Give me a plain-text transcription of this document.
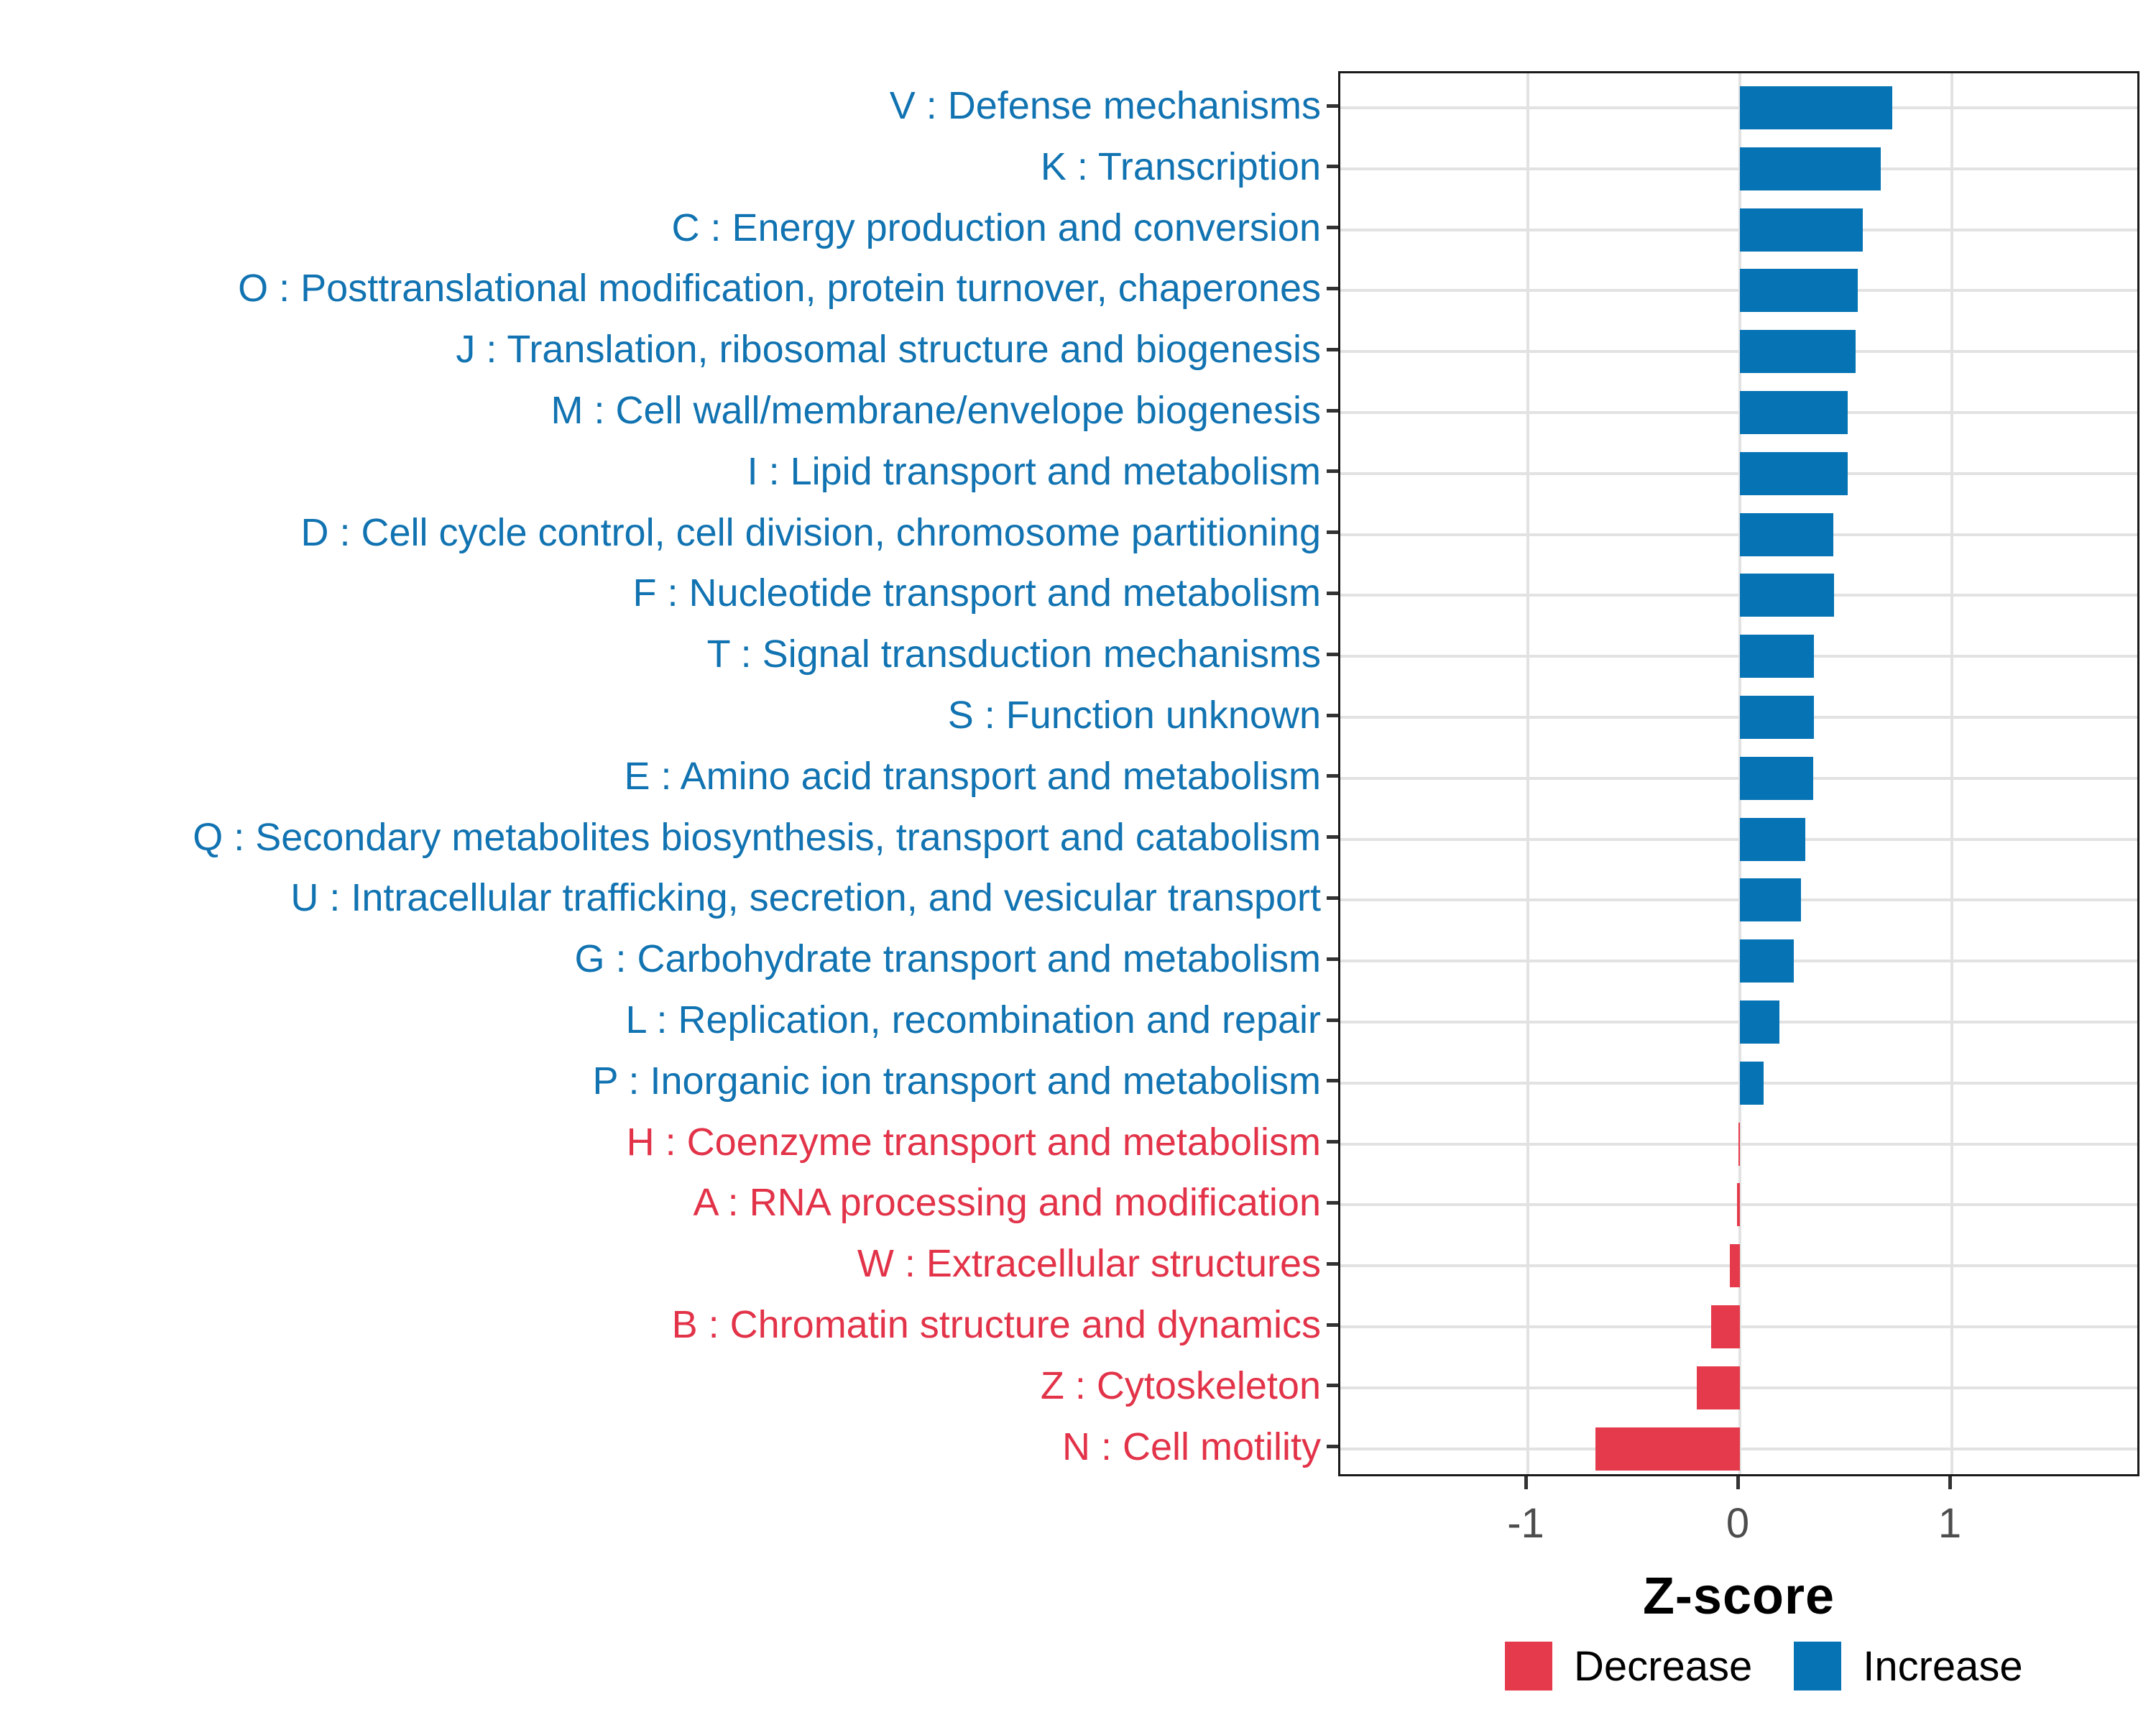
V : Defense mechanisms
K : Transcription
C : Energy production and conversion
O : Posttranslational modification, protein turnover, chaperones
J : Translation, ribosomal structure and biogenesis
M : Cell wall/membrane/envelope biogenesis
I : Lipid transport and metabolism
D : Cell cycle control, cell division, chromosome partitioning
F : Nucleotide transport and metabolism
T : Signal transduction mechanisms
S : Function unknown
E : Amino acid transport and metabolism
Q : Secondary metabolites biosynthesis, transport and catabolism
U : Intracellular trafficking, secretion, and vesicular transport
G : Carbohydrate transport and metabolism
L : Replication, recombination and repair
P : Inorganic ion transport and metabolism
H : Coenzyme transport and metabolism
A : RNA processing and modification
W : Extracellular structures
B : Chromatin structure and dynamics
Z : Cytoskeleton
N : Cell motility
-1	0	1
Z-score
Decrease	Increase
